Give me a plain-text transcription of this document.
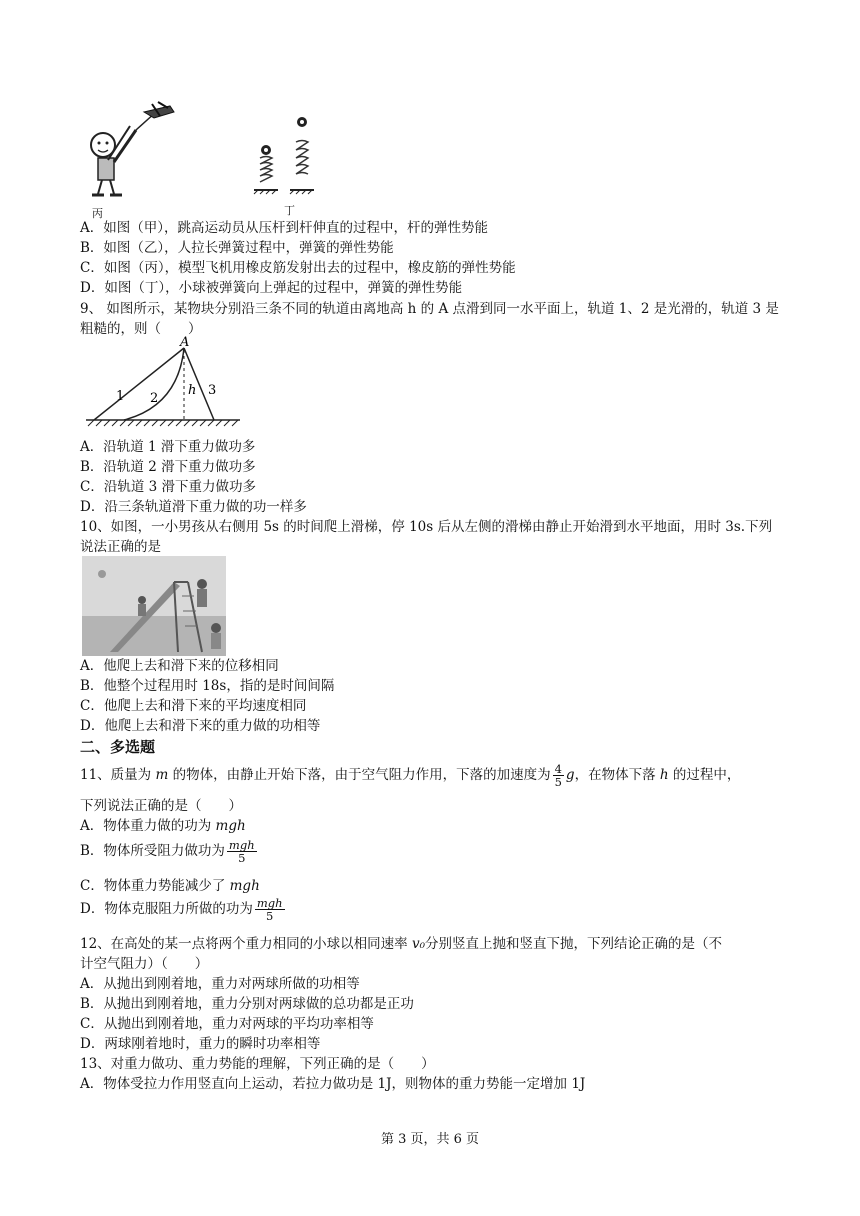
丙	丁
A．如图（甲），跳高运动员从压杆到杆伸直的过程中，杆的弹性势能
B．如图（乙），人拉长弹簧过程中，弹簧的弹性势能
C．如图（丙），模型飞机用橡皮筋发射出去的过程中，橡皮筋的弹性势能
D．如图（丁），小球被弹簧向上弹起的过程中，弹簧的弹性势能
9、 如图所示，某物块分别沿三条不同的轨道由离地高 h 的 A 点滑到同一水平面上，轨道 1、2 是光滑的，轨道 3 是粗糙的，则（　　）
A
1 2
h 3
A．沿轨道 1 滑下重力做功多
B．沿轨道 2 滑下重力做功多
C．沿轨道 3 滑下重力做功多
D．沿三条轨道滑下重力做的功一样多
10、如图，一小男孩从右侧用 5s 的时间爬上滑梯，停 10s 后从左侧的滑梯由静止开始滑到水平地面，用时 3s.下列说法正确的是
A．他爬上去和滑下来的位移相同
B．他整个过程用时 18s，指的是时间间隔
C．他爬上去和滑下来的平均速度相同
D．他爬上去和滑下来的重力做的功相等
二、多选题
11、质量为 m 的物体，由静止开始下落，由于空气阻力作用，下落的加速度为 $\frac{4}{5}$ g，在物体下落 h 的过程中，
下列说法正确的是（　　）
A．物体重力做的功为 mgh
B．物体所受阻力做功为 $\frac{\text{mgh}}{5}$
C．物体重力势能减少了 mgh
D．物体克服阻力所做的功为 $\frac{\text{mgh}}{5}$
12、在高处的某一点将两个重力相同的小球以相同速率 v₀分别竖直上抛和竖直下抛，下列结论正确的是（不
计空气阻力）（　　）
A．从抛出到刚着地，重力对两球所做的功相等
B．从抛出到刚着地，重力分别对两球做的总功都是正功
C．从抛出到刚着地，重力对两球的平均功率相等
D．两球刚着地时，重力的瞬时功率相等
13、对重力做功、重力势能的理解，下列正确的是（　　）
A．物体受拉力作用竖直向上运动，若拉力做功是 1J，则物体的重力势能一定增加 1J
第 3 页，共 6 页
